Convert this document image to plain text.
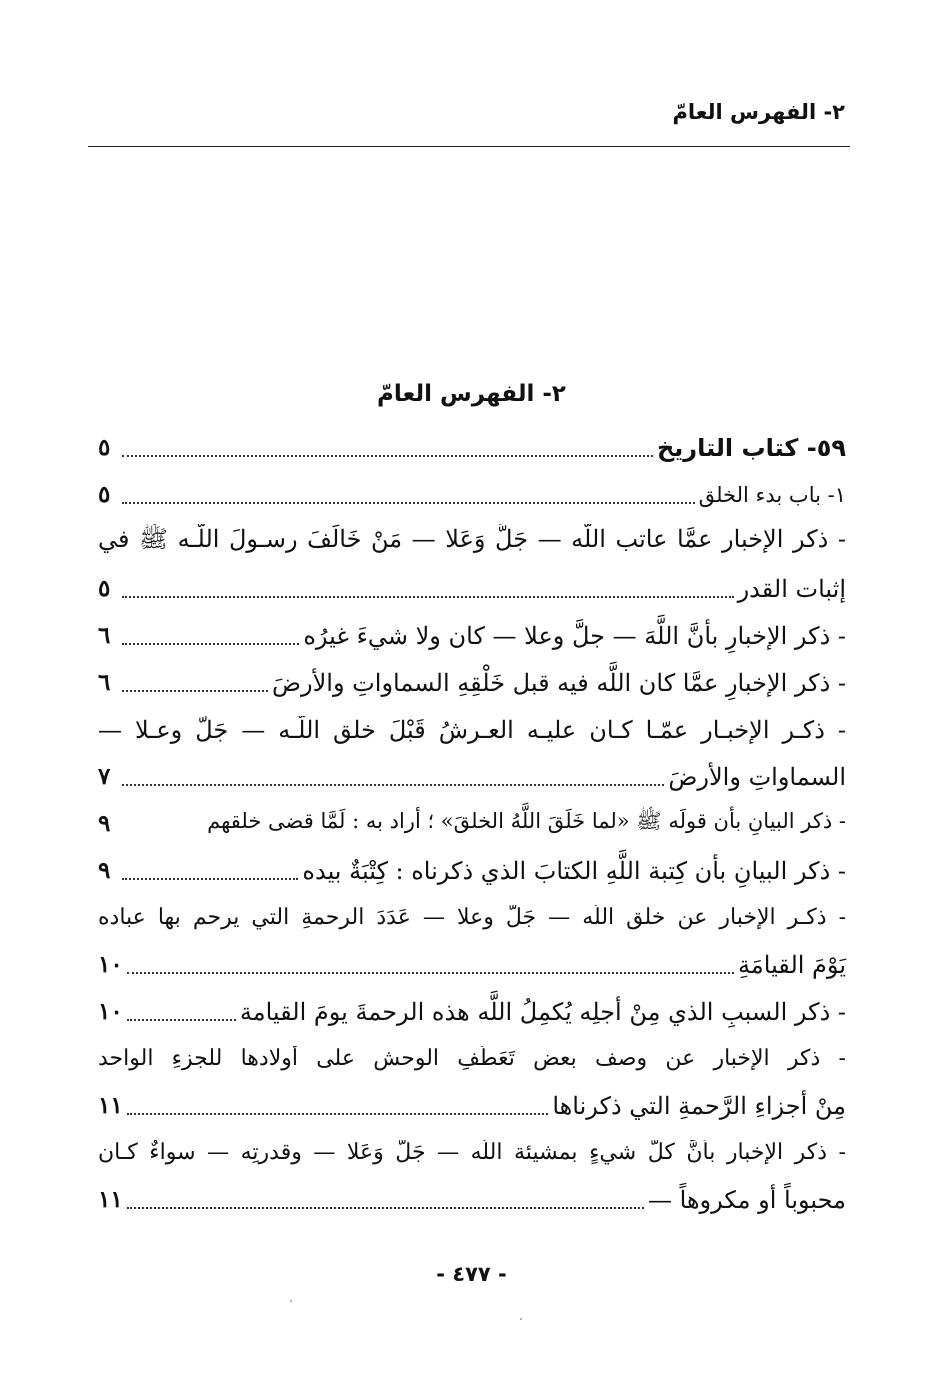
٢- الفهرس العامّ
٢- الفهرس العامّ
٥٩- كتاب التاريخ
٥
١- باب بدء الخلق
٥
- ذكر الإخبار عمَّا عاتب اللَّه — جَلَّ وَعَلا — مَنْ خَالَفَ رسـولَ اللَّـه ﷺ في
إثبات القدر
٥
- ذكر الإخبارِ بأنَّ اللَّهَ — جلَّ وعلا — كان ولا شيءَ غيرُه
٦
- ذكر الإخبارِ عمَّا كان اللَّه فيه قبل خَلْقِهِ السماواتِ والأرضَ
٦
- ذكـر الإخبـار عمّـا كـان عليـه العـرشُ قَبْلَ خلقِ اللَّـه — جَلَّ وعـلا —
السماواتِ والأرضَ
٧
- ذكر البيانِ بأن قولَه ﷺ «لما خَلَقَ اللَّهُ الخلقَ» ؛ أراد به : لَمَّا قضى خلقهم
٩
- ذكر البيانِ بأن كِتبة اللَّهِ الكتابَ الذي ذكرناه : كِتْبَةٌ بيده
٩
- ذكـر الإخبارِ عن خلق اللَّه — جَلَّ وعلا — عَدَدَ الرحمةِ التي يرحم بها عباده
يَوْمَ القيامَةِ
١٠
- ذكر السببِ الذي مِنْ أجلِه يُكمِلُ اللَّه هذه الرحمةَ يومَ القيامة
١٠
- ذكر الإخبار عن وصف بعضِ تَعَطُّفِ الوحشِ على أولادها للجزءِ الواحد
مِنْ أجزاءِ الرَّحمةِ التي ذكرناها
١١
- ذكر الإخبار بأنَّ كلَّ شيءٍ بمشيئة اللَّه — جَلَّ وَعَلا — وقدرتِه — سواءٌ كـان
محبوباً أو مكروهاً —
١١
- ٤٧٧ -
